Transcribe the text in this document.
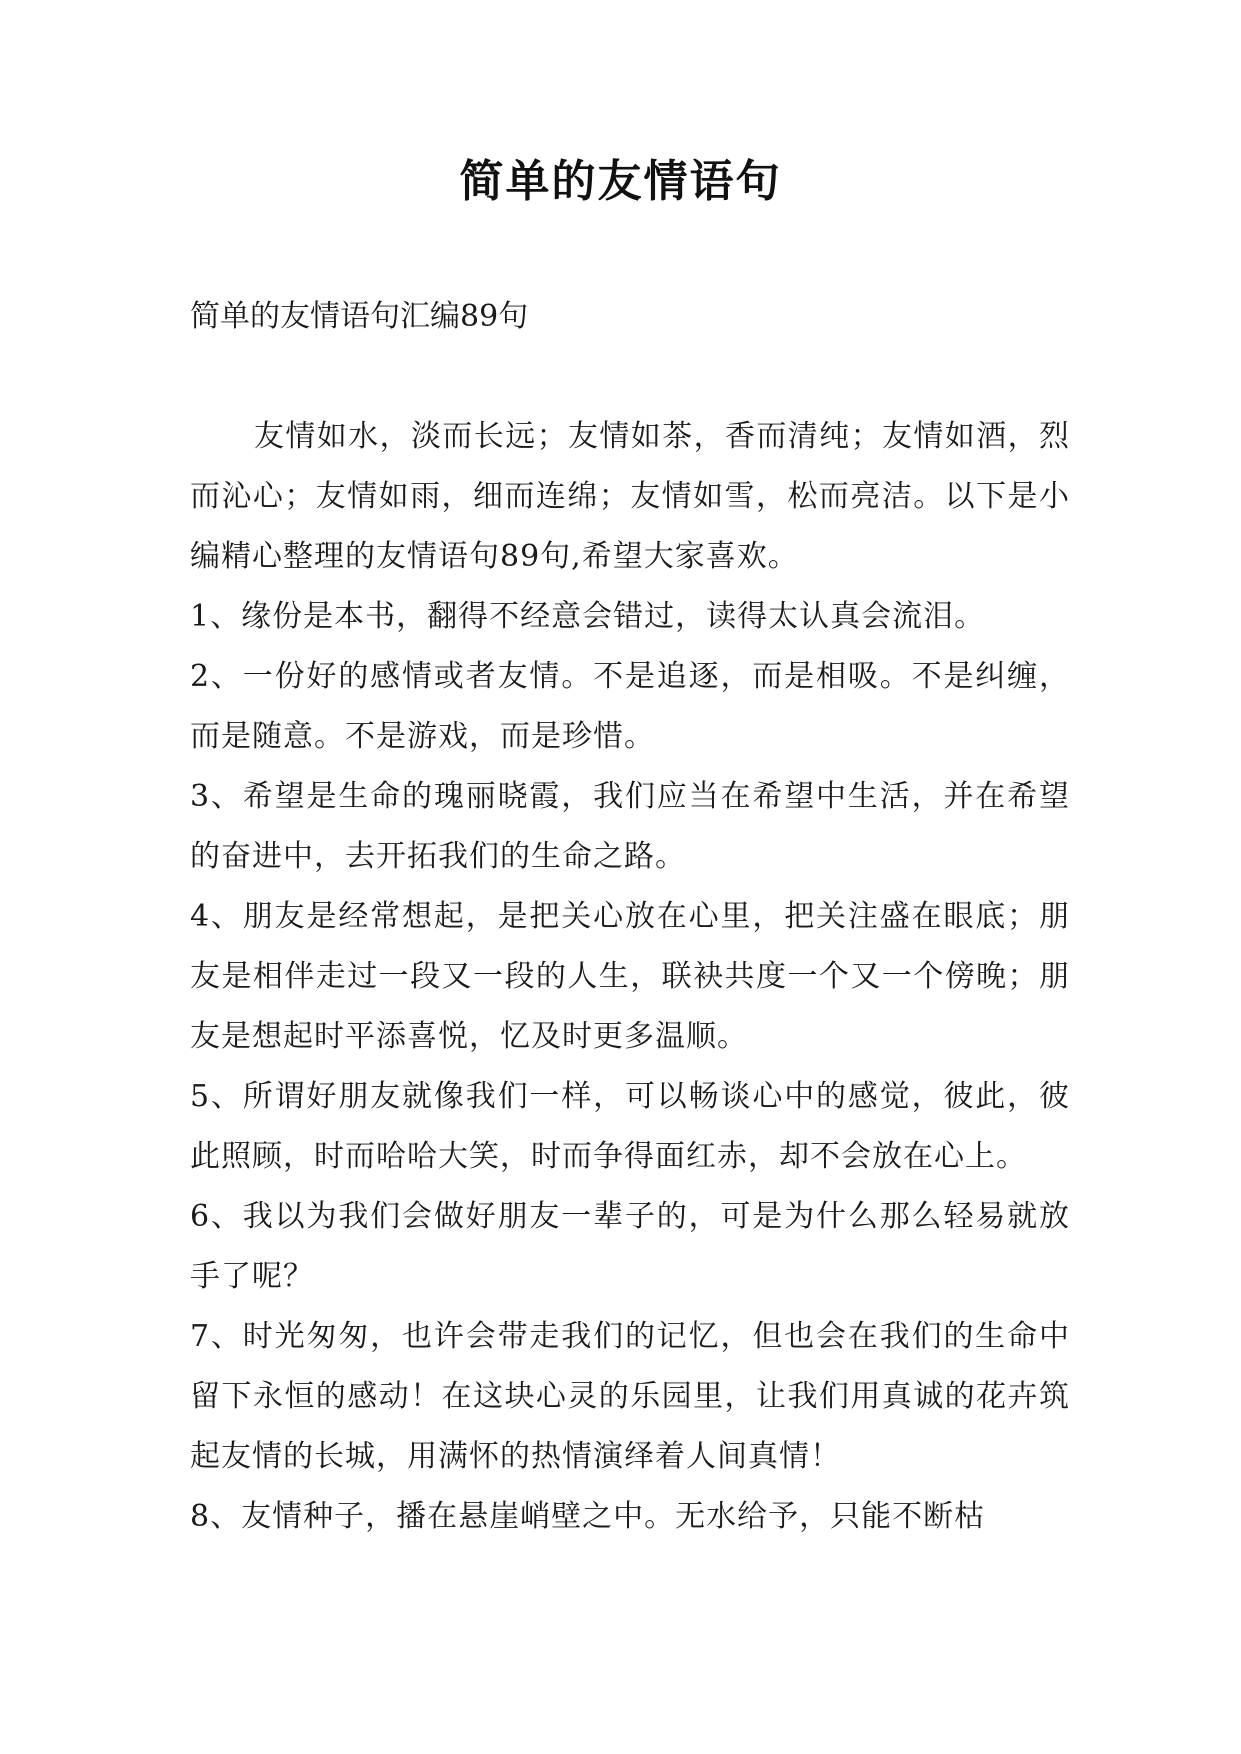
简单的友情语句
简单的友情语句汇编89句

友情如水，淡而长远；友情如茶，香而清纯；友情如酒，烈而沁心；友情如雨，细而连绵；友情如雪，松而亮洁。以下是小编精心整理的友情语句89句,希望大家喜欢。

1、缘份是本书，翻得不经意会错过，读得太认真会流泪。

2、一份好的感情或者友情。不是追逐，而是相吸。不是纠缠，而是随意。不是游戏，而是珍惜。

3、希望是生命的瑰丽晓霞，我们应当在希望中生活，并在希望的奋进中，去开拓我们的生命之路。

4、朋友是经常想起，是把关心放在心里，把关注盛在眼底；朋友是相伴走过一段又一段的人生，联袂共度一个又一个傍晚；朋友是想起时平添喜悦，忆及时更多温顺。

5、所谓好朋友就像我们一样，可以畅谈心中的感觉，彼此，彼此照顾，时而哈哈大笑，时而争得面红赤，却不会放在心上。

6、我以为我们会做好朋友一辈子的，可是为什么那么轻易就放手了呢？

7、时光匆匆，也许会带走我们的记忆，但也会在我们的生命中留下永恒的感动！在这块心灵的乐园里，让我们用真诚的花卉筑起友情的长城，用满怀的热情演绎着人间真情！

8、友情种子，播在悬崖峭壁之中。无水给予，只能不断枯
